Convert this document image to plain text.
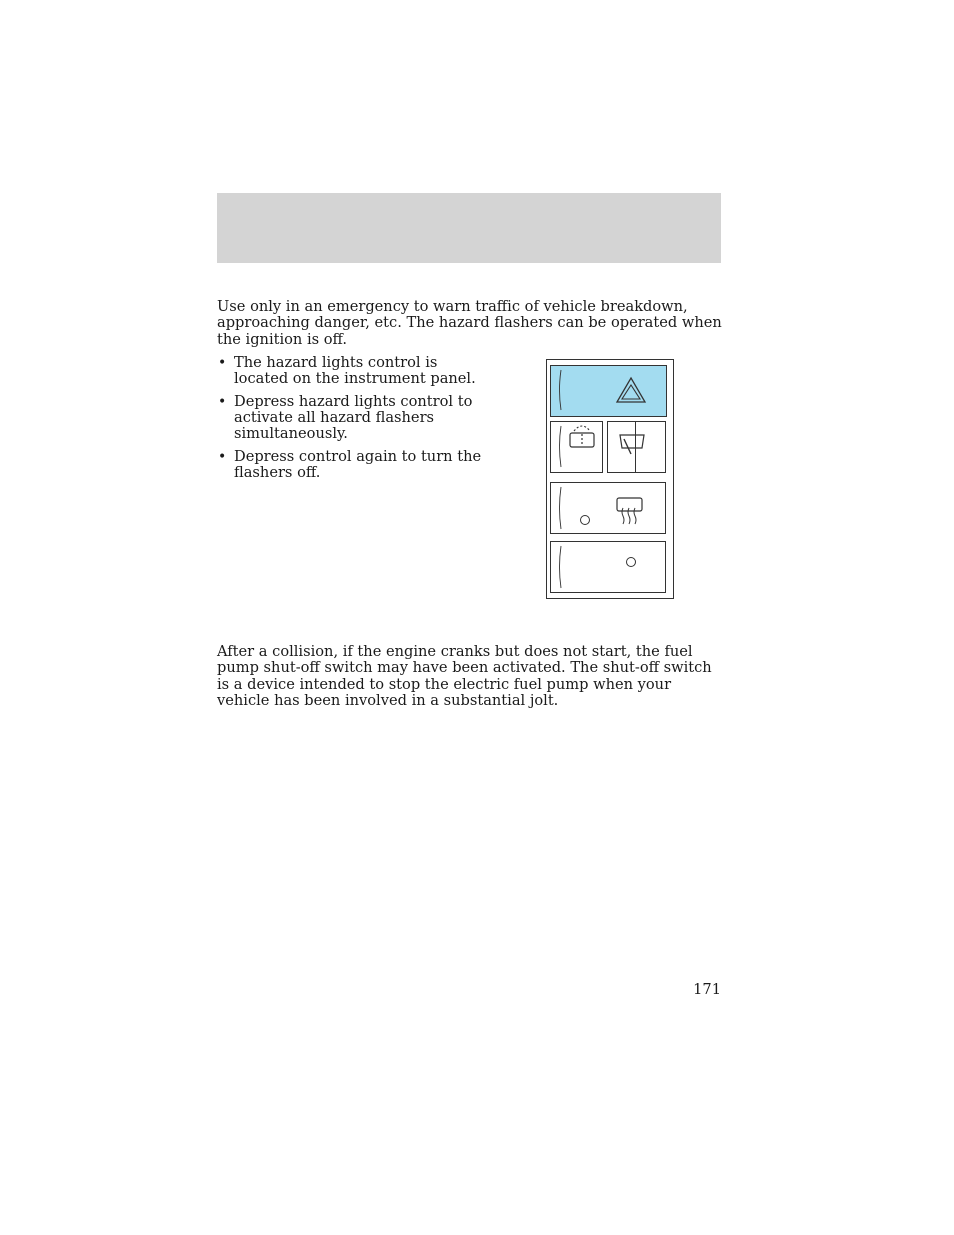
Use only in an emergency to warn traffic of vehicle breakdown, approaching danger, etc. The hazard flashers can be operated when the ignition is off.

• The hazard lights control is located on the instrument panel.
• Depress hazard lights control to activate all hazard flashers simultaneously.
• Depress control again to turn the flashers off.

After a collision, if the engine cranks but does not start, the fuel pump shut-off switch may have been activated. The shut-off switch is a device intended to stop the electric fuel pump when your vehicle has been involved in a substantial jolt.

171
